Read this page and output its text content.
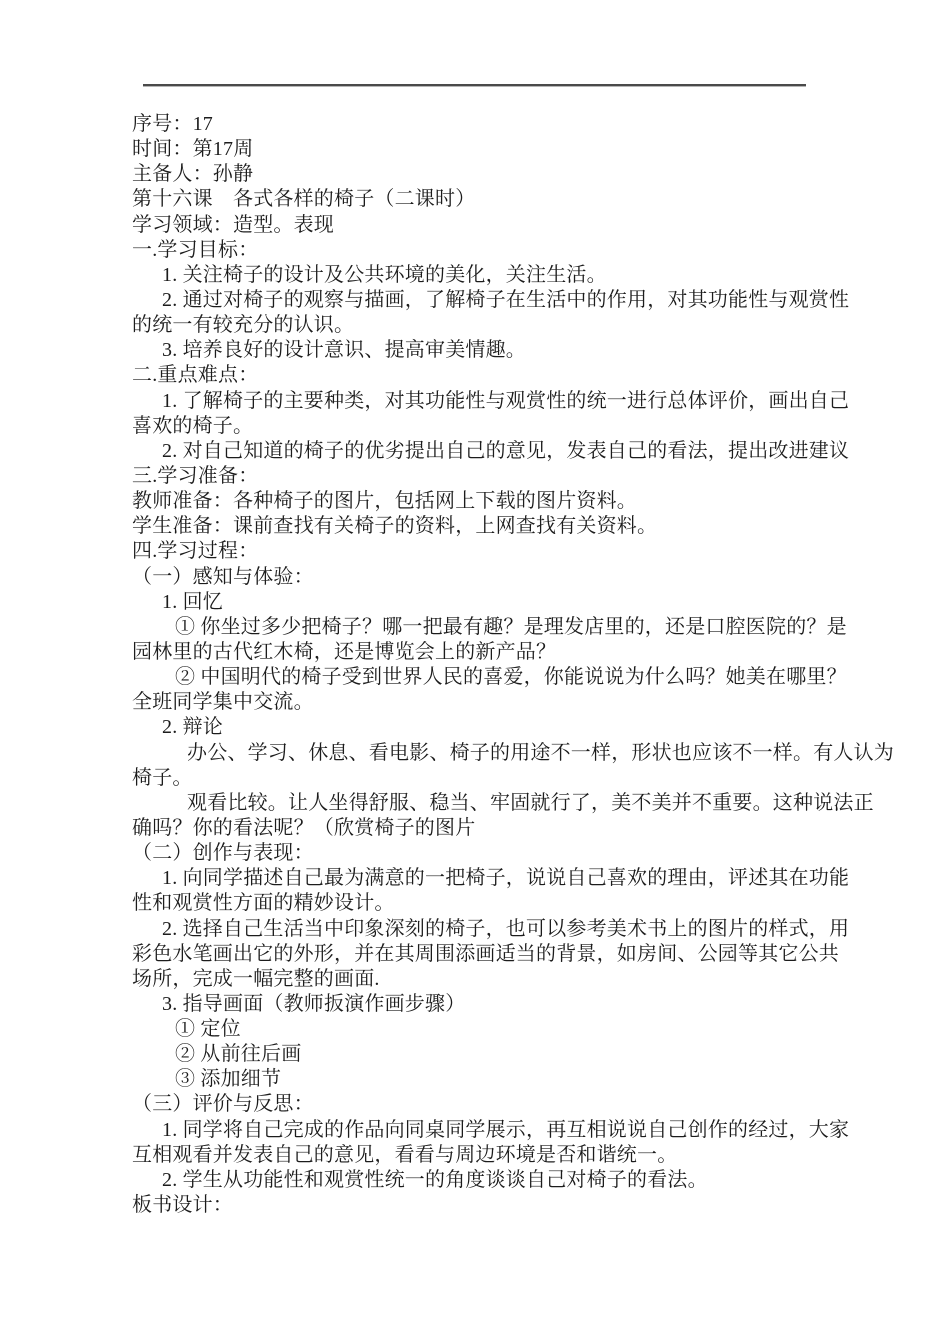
序号：17
时间：第17周
主备人：孙静
第十六课　各式各样的椅子（二课时）
学习领域：造型。表现
一.学习目标：
1. 关注椅子的设计及公共环境的美化，关注生活。
2. 通过对椅子的观察与描画，了解椅子在生活中的作用，对其功能性与观赏性
的统一有较充分的认识。
3. 培养良好的设计意识、提高审美情趣。
二.重点难点：
1. 了解椅子的主要种类，对其功能性与观赏性的统一进行总体评价，画出自己
喜欢的椅子。
2. 对自己知道的椅子的优劣提出自己的意见，发表自己的看法，提出改进建议
三.学习准备：
教师准备：各种椅子的图片，包括网上下载的图片资料。
学生准备：课前查找有关椅子的资料，上网查找有关资料。
四.学习过程：
（一）感知与体验：
1. 回忆
① 你坐过多少把椅子？哪一把最有趣？是理发店里的，还是口腔医院的？是
园林里的古代红木椅，还是博览会上的新产品？
② 中国明代的椅子受到世界人民的喜爱，你能说说为什么吗？她美在哪里？
全班同学集中交流。
2. 辩论
办公、学习、休息、看电影、椅子的用途不一样，形状也应该不一样。有人认为
椅子。
观看比较。让人坐得舒服、稳当、牢固就行了，美不美并不重要。这种说法正
确吗？你的看法呢？（欣赏椅子的图片
（二）创作与表现：
1. 向同学描述自己最为满意的一把椅子，说说自己喜欢的理由，评述其在功能
性和观赏性方面的精妙设计。
2. 选择自己生活当中印象深刻的椅子，也可以参考美术书上的图片的样式，用
彩色水笔画出它的外形，并在其周围添画适当的背景，如房间、公园等其它公共
场所，完成一幅完整的画面.
3. 指导画面（教师扳演作画步骤）
① 定位
② 从前往后画
③ 添加细节
（三）评价与反思：
1. 同学将自己完成的作品向同桌同学展示，再互相说说自己创作的经过，大家
互相观看并发表自己的意见，看看与周边环境是否和谐统一。
2. 学生从功能性和观赏性统一的角度谈谈自己对椅子的看法。
板书设计：
